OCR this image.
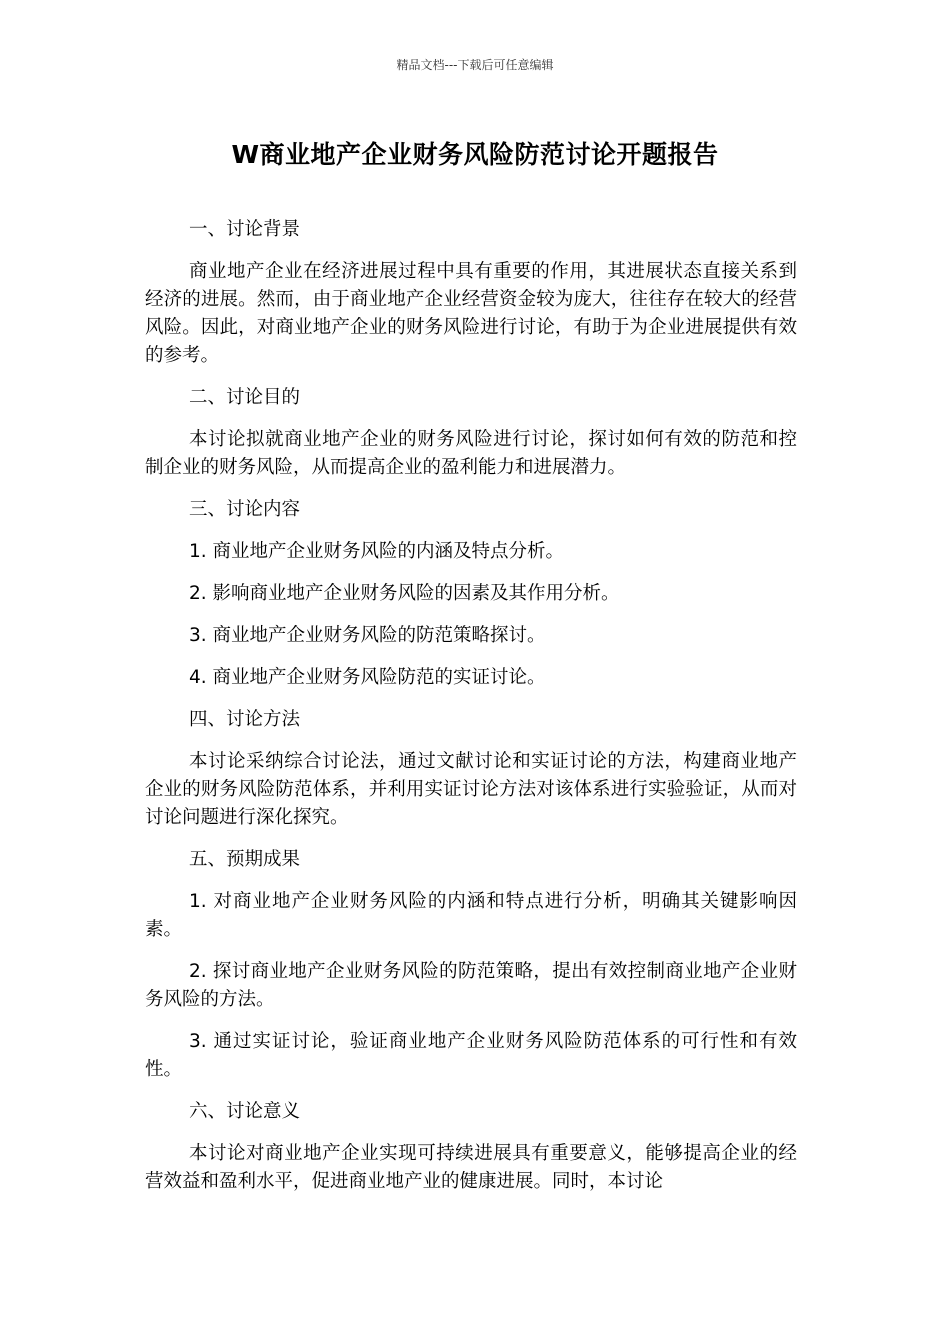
精品文档---下载后可任意编辑
W商业地产企业财务风险防范讨论开题报告

一、讨论背景

商业地产企业在经济进展过程中具有重要的作用，其进展状态直接关系到经济的进展。然而，由于商业地产企业经营资金较为庞大，往往存在较大的经营风险。因此，对商业地产企业的财务风险进行讨论，有助于为企业进展提供有效的参考。

二、讨论目的

本讨论拟就商业地产企业的财务风险进行讨论，探讨如何有效的防范和控制企业的财务风险，从而提高企业的盈利能力和进展潜力。

三、讨论内容

1. 商业地产企业财务风险的内涵及特点分析。

2. 影响商业地产企业财务风险的因素及其作用分析。

3. 商业地产企业财务风险的防范策略探讨。

4. 商业地产企业财务风险防范的实证讨论。

四、讨论方法

本讨论采纳综合讨论法，通过文献讨论和实证讨论的方法，构建商业地产企业的财务风险防范体系，并利用实证讨论方法对该体系进行实验验证，从而对讨论问题进行深化探究。

五、预期成果

1. 对商业地产企业财务风险的内涵和特点进行分析，明确其关键影响因素。

2. 探讨商业地产企业财务风险的防范策略，提出有效控制商业地产企业财务风险的方法。

3. 通过实证讨论，验证商业地产企业财务风险防范体系的可行性和有效性。

六、讨论意义

本讨论对商业地产企业实现可持续进展具有重要意义，能够提高企业的经营效益和盈利水平，促进商业地产业的健康进展。同时，本讨论
